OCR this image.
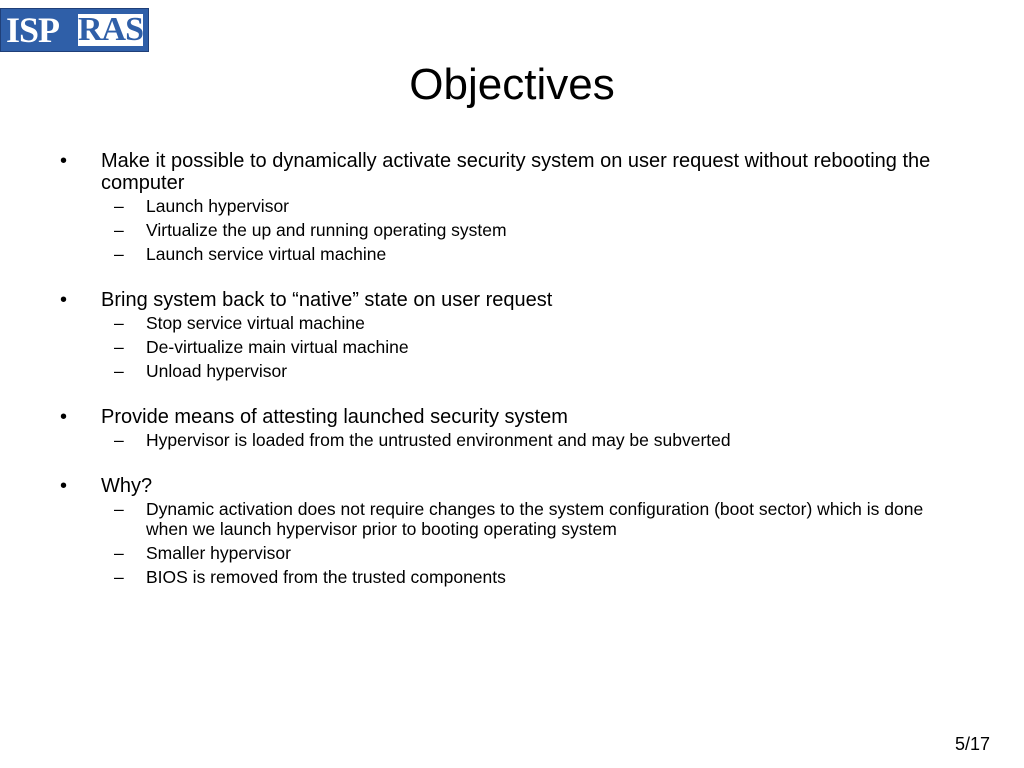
ISP RAS
Objectives
• Make it possible to dynamically activate security system on user request without rebooting the computer
– Launch hypervisor
– Virtualize the up and running operating system
– Launch service virtual machine
• Bring system back to “native” state on user request
– Stop service virtual machine
– De-virtualize main virtual machine
– Unload hypervisor
• Provide means of attesting launched security system
– Hypervisor is loaded from the untrusted environment and may be subverted
• Why?
– Dynamic activation does not require changes to the system configuration (boot sector) which is done when we launch hypervisor prior to booting operating system
– Smaller hypervisor
– BIOS is removed from the trusted components
5/17
